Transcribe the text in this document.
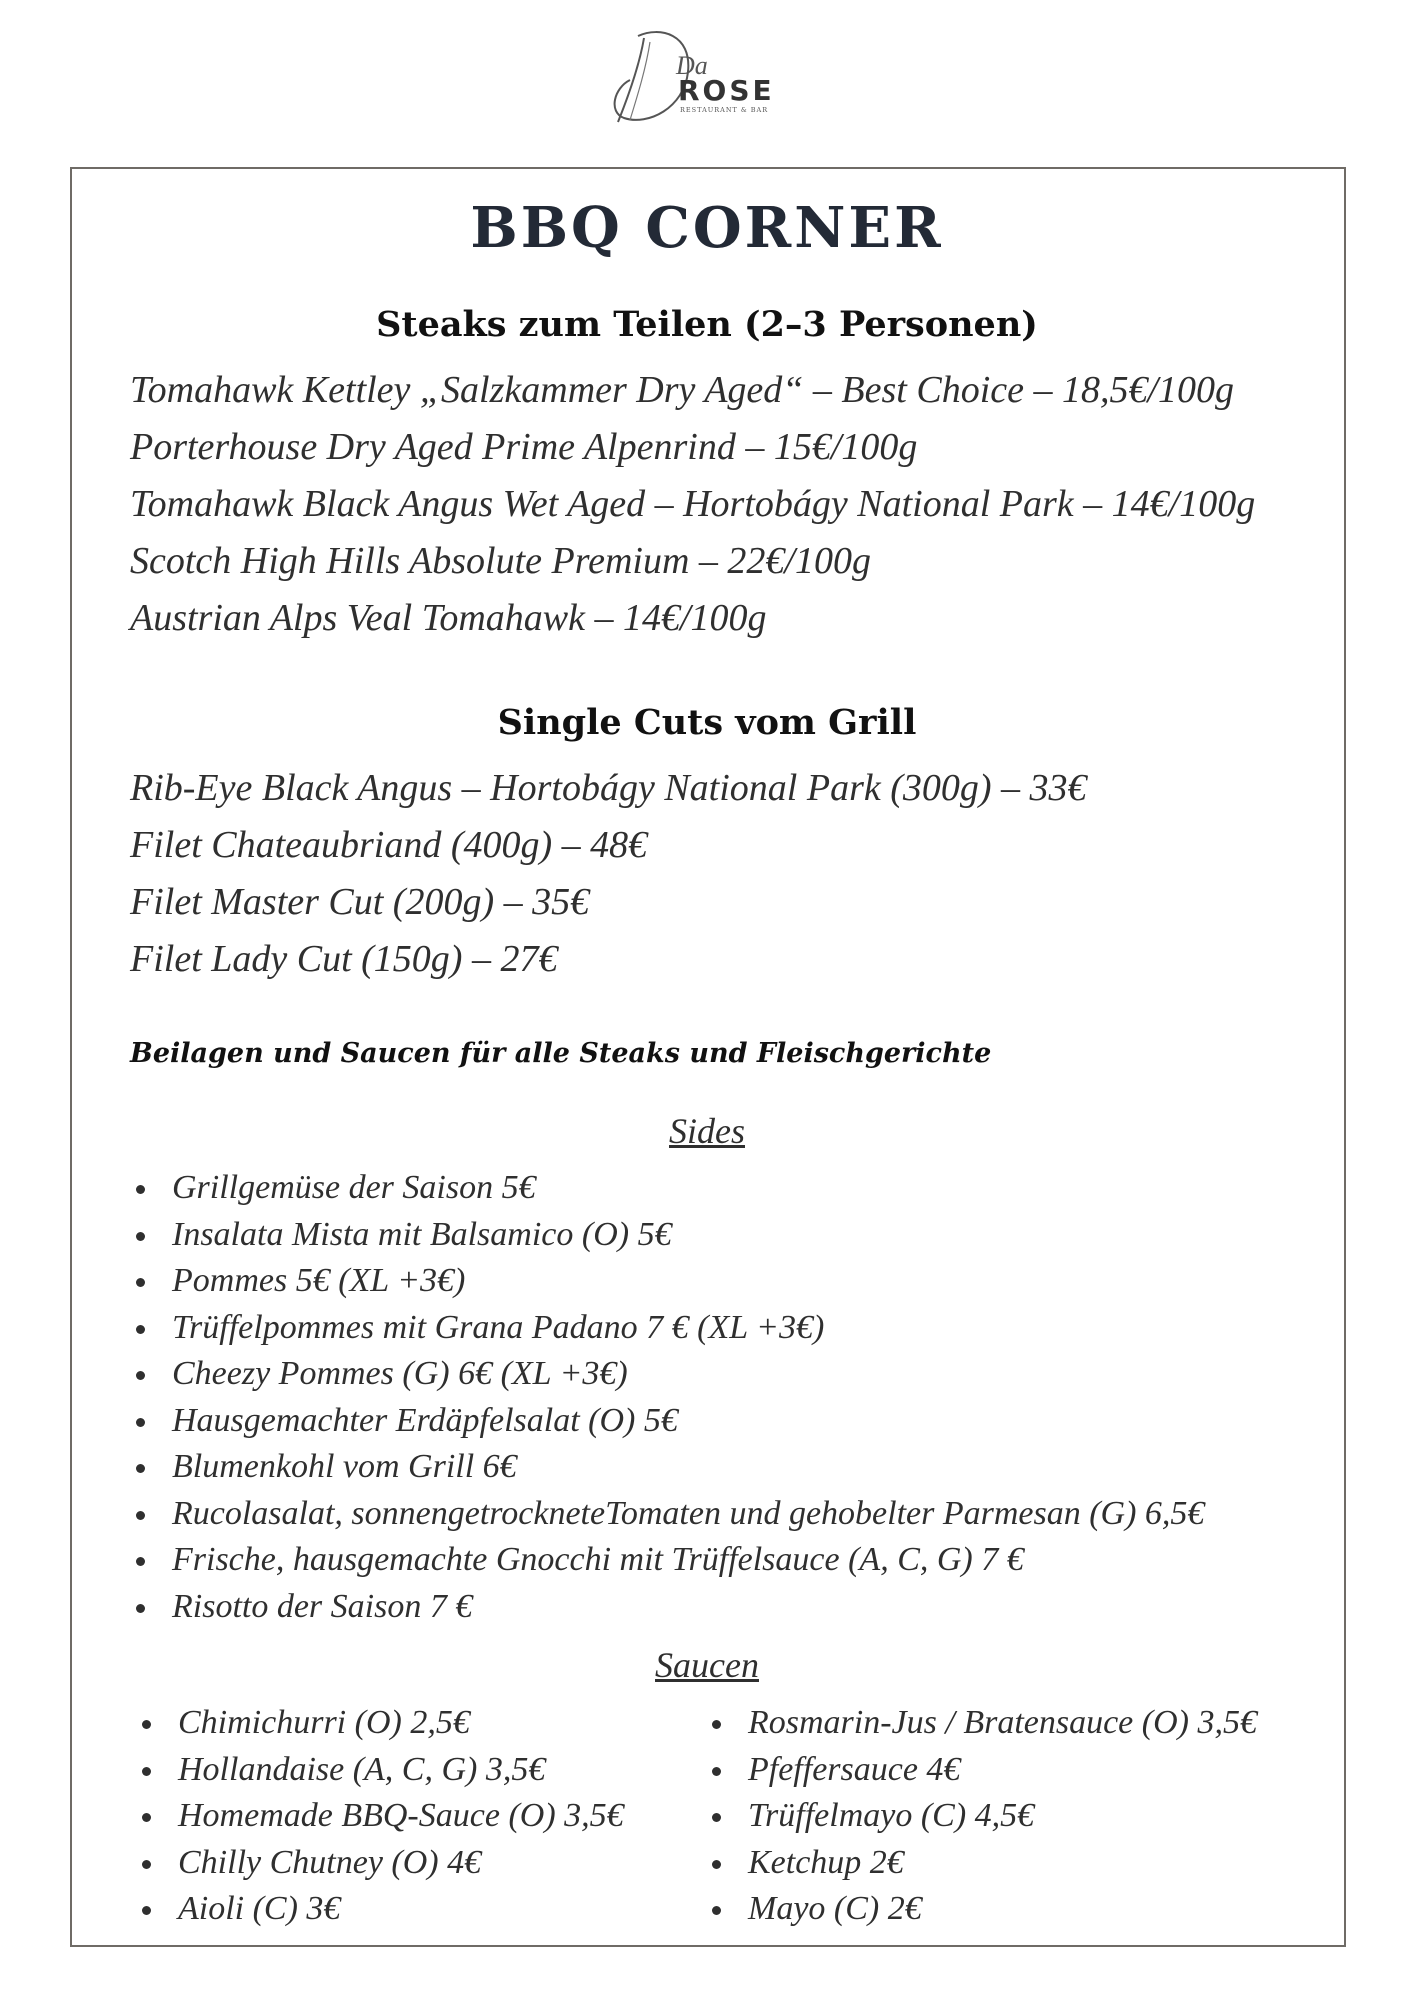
Da
ROSE
RESTAURANT & BAR
BBQ CORNER
Steaks zum Teilen (2–3 Personen)
Tomahawk Kettley „Salzkammer Dry Aged“ – Best Choice – 18,5€/100g
Porterhouse Dry Aged Prime Alpenrind – 15€/100g
Tomahawk Black Angus Wet Aged – Hortobágy National Park – 14€/100g
Scotch High Hills Absolute Premium – 22€/100g
Austrian Alps Veal Tomahawk – 14€/100g
Single Cuts vom Grill
Rib-Eye Black Angus – Hortobágy National Park (300g) – 33€
Filet Chateaubriand (400g) – 48€
Filet Master Cut (200g) – 35€
Filet Lady Cut (150g) – 27€

Beilagen und Saucen für alle Steaks und Fleischgerichte

Sides

Grillgemüse der Saison 5€
Insalata Mista mit Balsamico (O) 5€
Pommes 5€ (XL +3€)
Trüffelpommes mit Grana Padano 7 € (XL +3€)
Cheezy Pommes (G) 6€ (XL +3€)
Hausgemachter Erdäpfelsalat (O) 5€
Blumenkohl vom Grill 6€
Rucolasalat, sonnengetrockneteTomaten und gehobelter Parmesan (G) 6,5€
Frische, hausgemachte Gnocchi mit Trüffelsauce (A, C, G) 7 €
Risotto der Saison 7 €

Saucen

Chimichurri (O) 2,5€
Hollandaise (A, C, G) 3,5€
Homemade BBQ-Sauce (O) 3,5€
Chilly Chutney (O) 4€
Aioli (C) 3€
Rosmarin-Jus / Bratensauce (O) 3,5€
Pfeffersauce 4€
Trüffelmayo (C) 4,5€
Ketchup 2€
Mayo (C) 2€
